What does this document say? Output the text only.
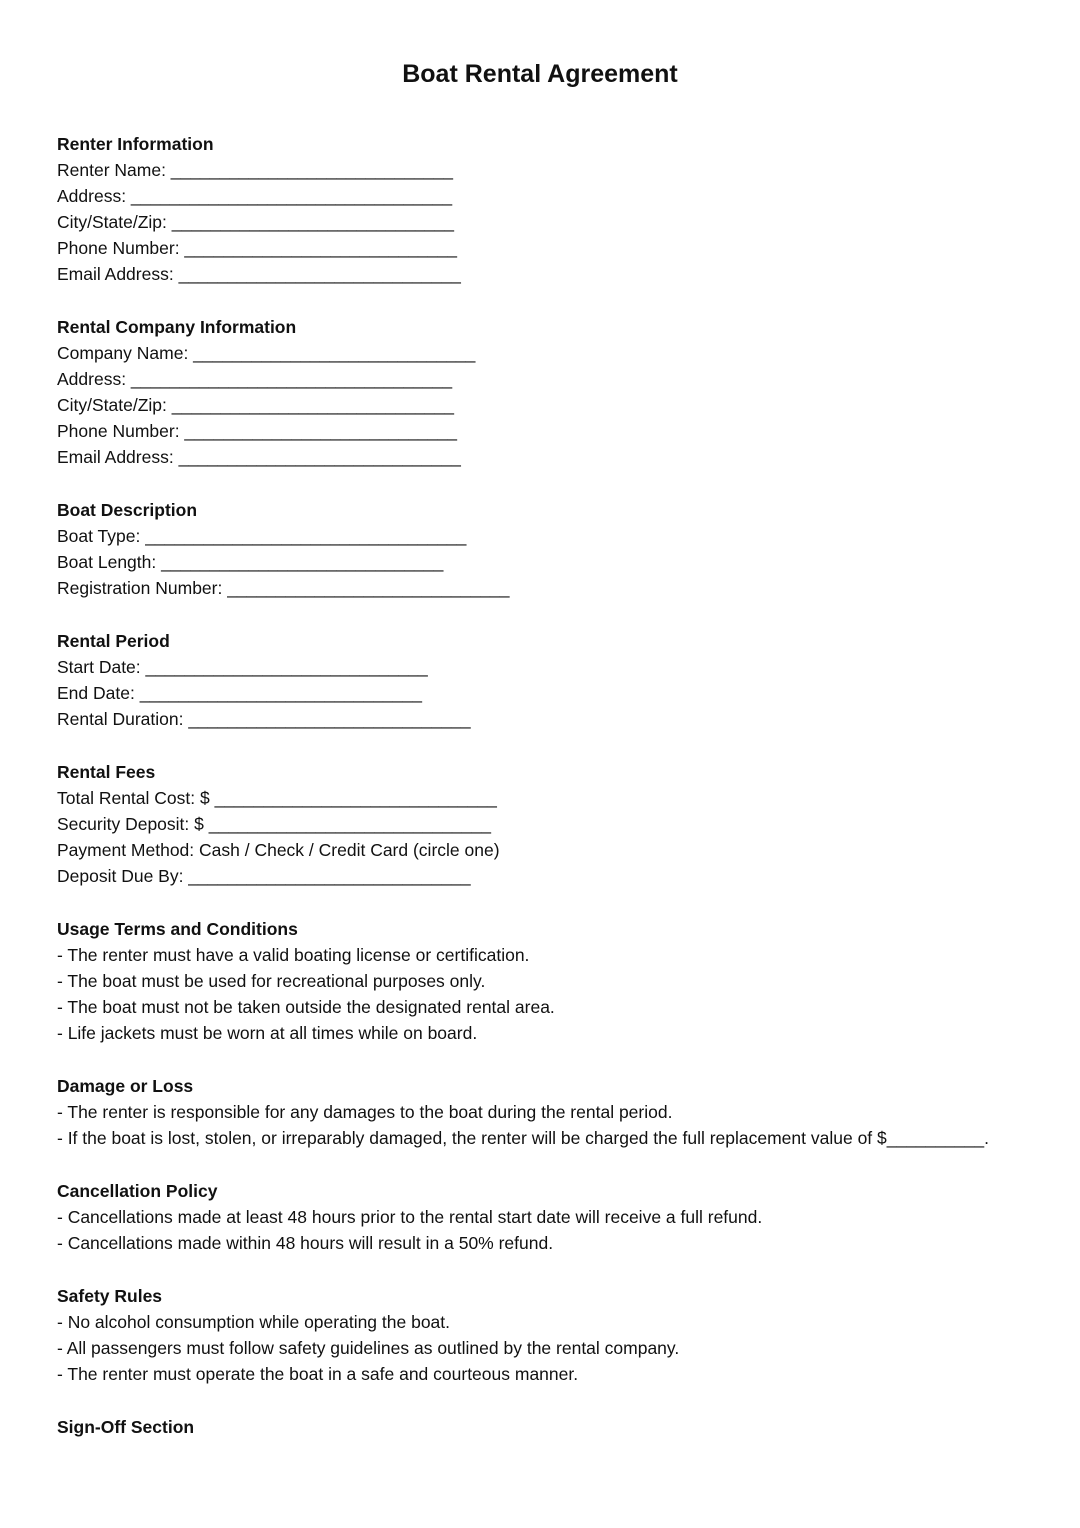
Boat Rental Agreement
Renter Information
Renter Name: _____________________________
Address: _________________________________
City/State/Zip: _____________________________
Phone Number: ____________________________
Email Address: _____________________________
Rental Company Information
Company Name: _____________________________
Address: _________________________________
City/State/Zip: _____________________________
Phone Number: ____________________________
Email Address: _____________________________
Boat Description
Boat Type: _________________________________
Boat Length: _____________________________
Registration Number: _____________________________
Rental Period
Start Date: _____________________________
End Date: _____________________________
Rental Duration: _____________________________
Rental Fees
Total Rental Cost: $ _____________________________
Security Deposit: $ _____________________________
Payment Method: Cash / Check / Credit Card (circle one)
Deposit Due By: _____________________________
Usage Terms and Conditions
- The renter must have a valid boating license or certification.
- The boat must be used for recreational purposes only.
- The boat must not be taken outside the designated rental area.
- Life jackets must be worn at all times while on board.
Damage or Loss
- The renter is responsible for any damages to the boat during the rental period.
- If the boat is lost, stolen, or irreparably damaged, the renter will be charged the full replacement value of $__________.
Cancellation Policy
- Cancellations made at least 48 hours prior to the rental start date will receive a full refund.
- Cancellations made within 48 hours will result in a 50% refund.
Safety Rules
- No alcohol consumption while operating the boat.
- All passengers must follow safety guidelines as outlined by the rental company.
- The renter must operate the boat in a safe and courteous manner.
Sign-Off Section
